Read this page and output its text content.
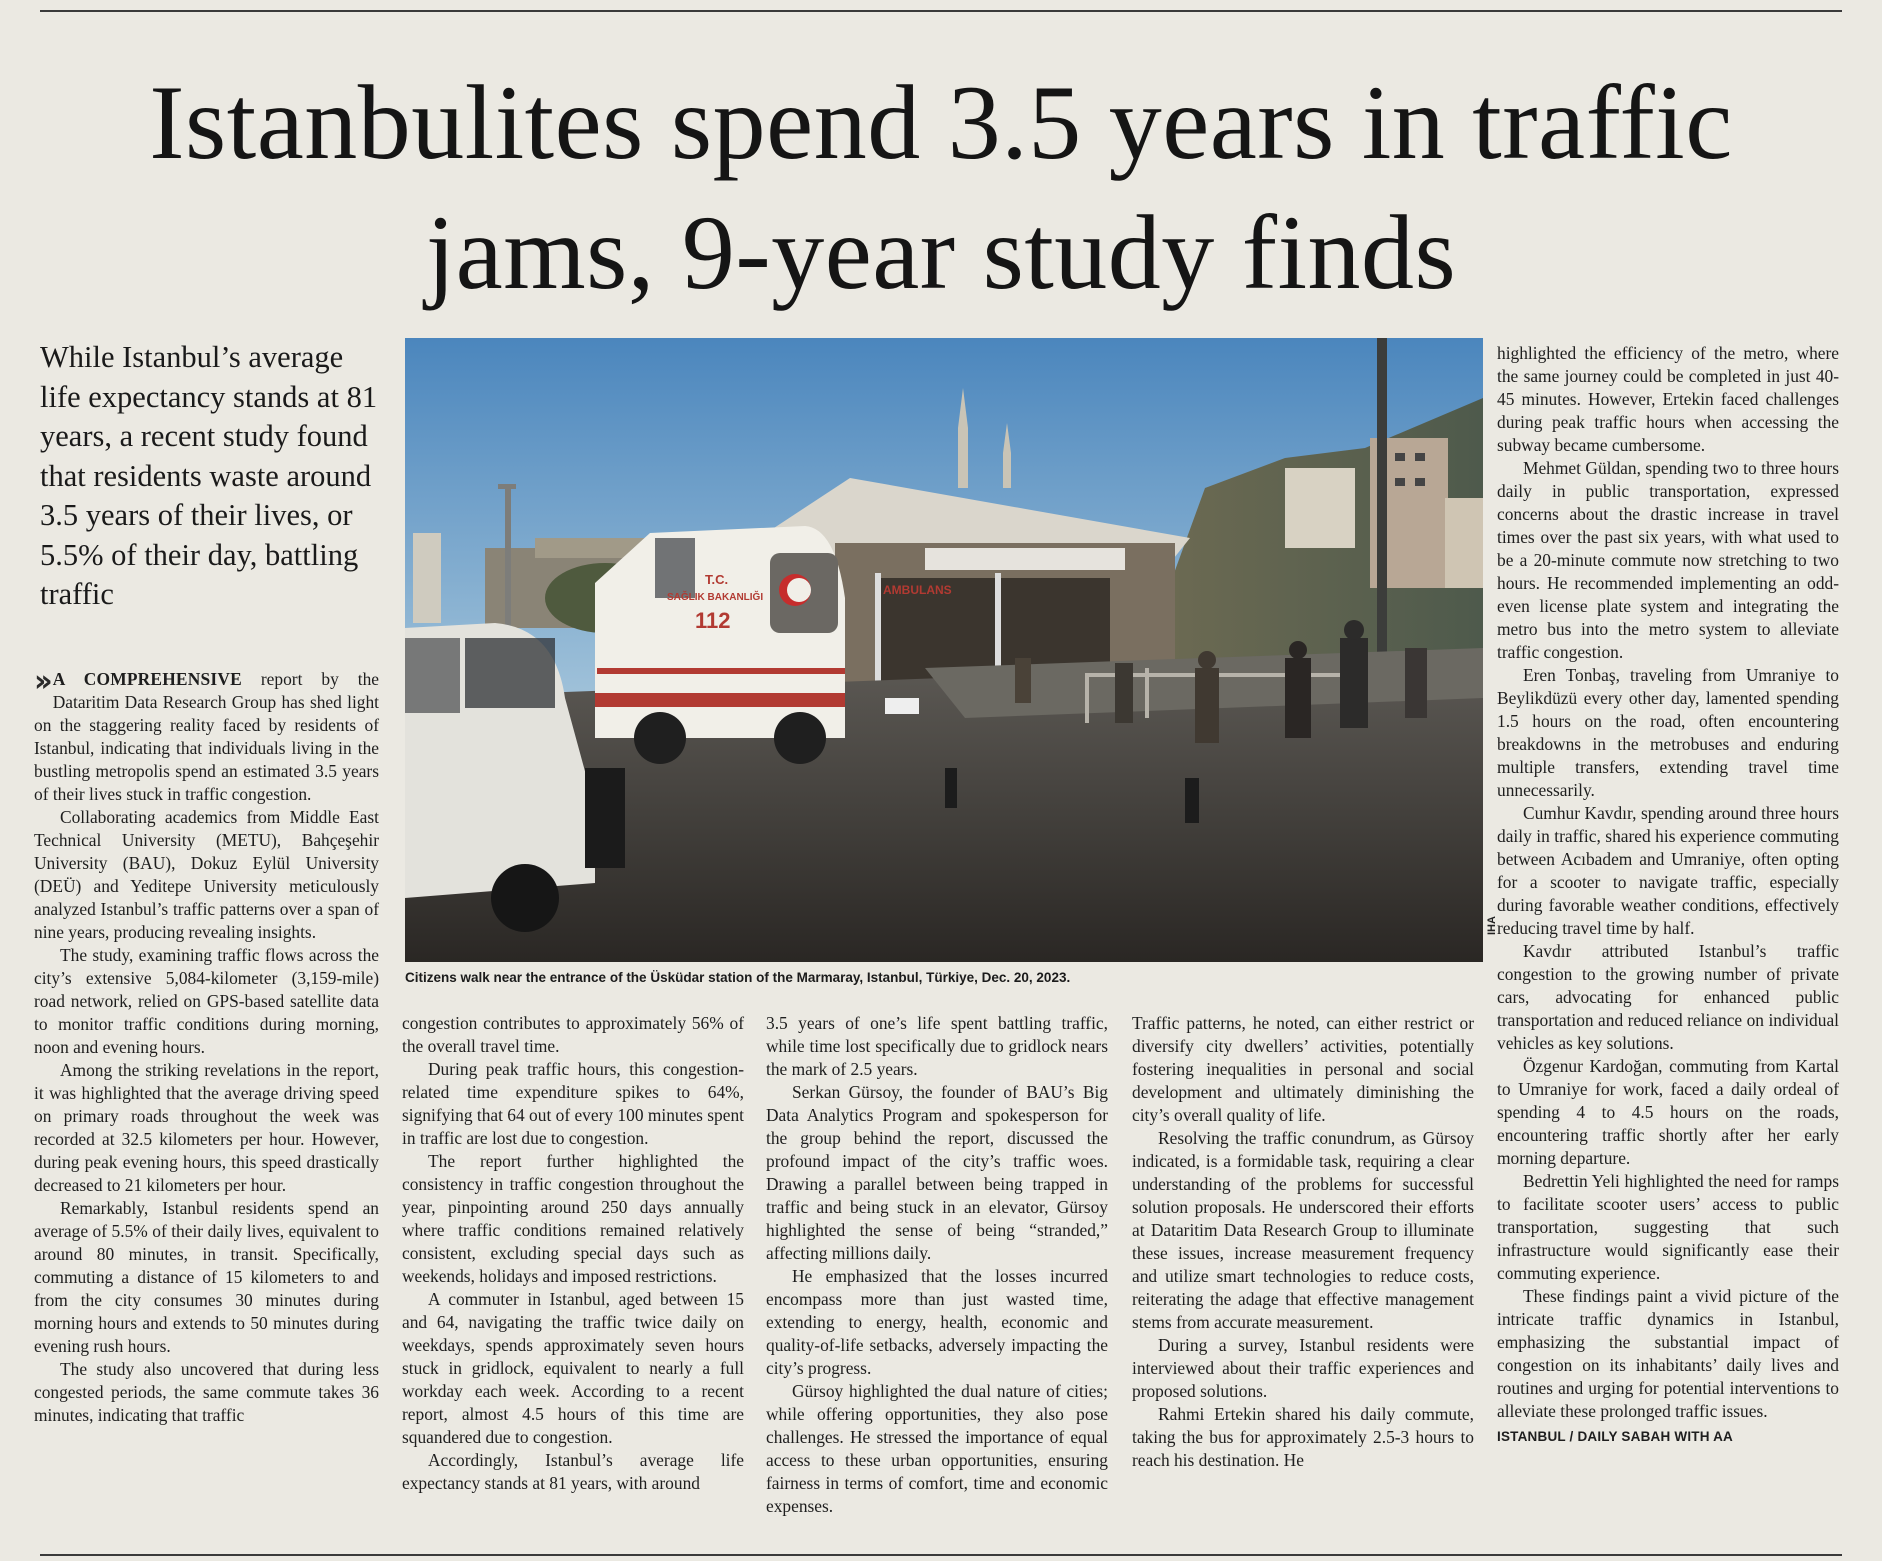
Istanbulites spend 3.5 years in traffic
jams, 9-year study finds

While Istanbul’s average life expectancy stands at 81 years, a recent study found that residents waste around 3.5 years of their lives, or 5.5% of their day, battling traffic	T.C.
SAĞLIK BAKANLIĞI
112
AMBULANS
Citizens walk near the entrance of the Üsküdar station of the Marmaray, Istanbul, Türkiye, Dec. 20, 2023.
IHA

›› A COMPREHENSIVE report by the Dataritim Data Research Group has shed light on the staggering reality faced by residents of Istanbul, indicating that individuals living in the bustling metropolis spend an estimated 3.5 years of their lives stuck in traffic congestion.

Collaborating academics from Middle East Technical University (METU), Bahçeşehir University (BAU), Dokuz Eylül University (DEÜ) and Yeditepe University meticulously analyzed Istanbul’s traffic patterns over a span of nine years, producing revealing insights.

The study, examining traffic flows across the city’s extensive 5,084-kilometer (3,159-mile) road network, relied on GPS-based satellite data to monitor traffic conditions during morning, noon and evening hours.

Among the striking revelations in the report, it was highlighted that the average driving speed on primary roads throughout the week was recorded at 32.5 kilometers per hour. However, during peak evening hours, this speed drastically decreased to 21 kilometers per hour.

Remarkably, Istanbul residents spend an average of 5.5% of their daily lives, equivalent to around 80 minutes, in transit. Specifically, commuting a distance of 15 kilometers to and from the city consumes 30 minutes during morning hours and extends to 50 minutes during evening rush hours.

The study also uncovered that during less congested periods, the same commute takes 36 minutes, indicating that traffic

congestion contributes to approximately 56% of the overall travel time.

During peak traffic hours, this congestion-related time expenditure spikes to 64%, signifying that 64 out of every 100 minutes spent in traffic are lost due to congestion.

The report further highlighted the consistency in traffic congestion throughout the year, pinpointing around 250 days annually where traffic conditions remained relatively consistent, excluding special days such as weekends, holidays and imposed restrictions.

A commuter in Istanbul, aged between 15 and 64, navigating the traffic twice daily on weekdays, spends approximately seven hours stuck in gridlock, equivalent to nearly a full workday each week. According to a recent report, almost 4.5 hours of this time are squandered due to congestion.

Accordingly, Istanbul’s average life expectancy stands at 81 years, with around

3.5 years of one’s life spent battling traffic, while time lost specifically due to gridlock nears the mark of 2.5 years.

Serkan Gürsoy, the founder of BAU’s Big Data Analytics Program and spokesperson for the group behind the report, discussed the profound impact of the city’s traffic woes. Drawing a parallel between being trapped in traffic and being stuck in an elevator, Gürsoy highlighted the sense of being “stranded,” affecting millions daily.

He emphasized that the losses incurred encompass more than just wasted time, extending to energy, health, economic and quality-of-life setbacks, adversely impacting the city’s progress.

Gürsoy highlighted the dual nature of cities; while offering opportunities, they also pose challenges. He stressed the importance of equal access to these urban opportunities, ensuring fairness in terms of comfort, time and economic expenses.

Traffic patterns, he noted, can either restrict or diversify city dwellers’ activities, potentially fostering inequalities in personal and social development and ultimately diminishing the city’s overall quality of life.

Resolving the traffic conundrum, as Gürsoy indicated, is a formidable task, requiring a clear understanding of the problems for successful solution proposals. He underscored their efforts at Dataritim Data Research Group to illuminate these issues, increase measurement frequency and utilize smart technologies to reduce costs, reiterating the adage that effective management stems from accurate measurement.

During a survey, Istanbul residents were interviewed about their traffic experiences and proposed solutions.

Rahmi Ertekin shared his daily commute, taking the bus for approximately 2.5-3 hours to reach his destination. He

highlighted the efficiency of the metro, where the same journey could be completed in just 40-45 minutes. However, Ertekin faced challenges during peak traffic hours when accessing the subway became cumbersome.

Mehmet Güldan, spending two to three hours daily in public transportation, expressed concerns about the drastic increase in travel times over the past six years, with what used to be a 20-minute commute now stretching to two hours. He recommended implementing an odd-even license plate system and integrating the metro bus into the metro system to alleviate traffic congestion.

Eren Tonbaş, traveling from Umraniye to Beylikdüzü every other day, lamented spending 1.5 hours on the road, often encountering breakdowns in the metrobuses and enduring multiple transfers, extending travel time unnecessarily.

Cumhur Kavdır, spending around three hours daily in traffic, shared his experience commuting between Acıbadem and Umraniye, often opting for a scooter to navigate traffic, especially during favorable weather conditions, effectively reducing travel time by half.

Kavdır attributed Istanbul’s traffic congestion to the growing number of private cars, advocating for enhanced public transportation and reduced reliance on individual vehicles as key solutions.

Özgenur Kardoğan, commuting from Kartal to Umraniye for work, faced a daily ordeal of spending 4 to 4.5 hours on the roads, encountering traffic shortly after her early morning departure.

Bedrettin Yeli highlighted the need for ramps to facilitate scooter users’ access to public transportation, suggesting that such infrastructure would significantly ease their commuting experience.

These findings paint a vivid picture of the intricate traffic dynamics in Istanbul, emphasizing the substantial impact of congestion on its inhabitants’ daily lives and routines and urging for potential interventions to alleviate these prolonged traffic issues.

ISTANBUL / DAILY SABAH WITH AA
